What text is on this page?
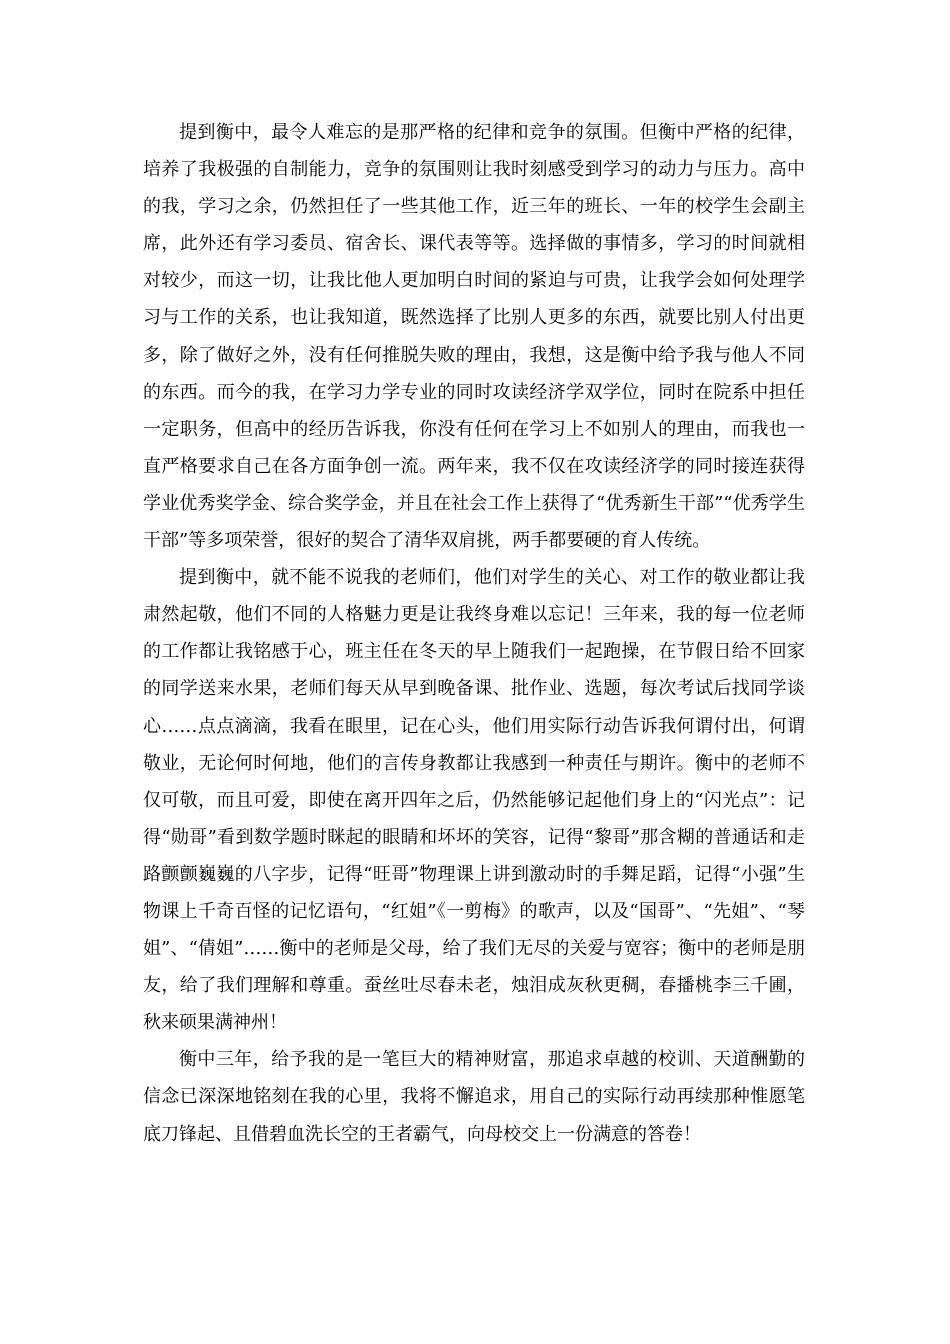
提到衡中，最令人难忘的是那严格的纪律和竞争的氛围。但衡中严格的纪律，培养了我极强的自制能力，竞争的氛围则让我时刻感受到学习的动力与压力。高中的我，学习之余，仍然担任了一些其他工作，近三年的班长、一年的校学生会副主席，此外还有学习委员、宿舍长、课代表等等。选择做的事情多，学习的时间就相对较少，而这一切，让我比他人更加明白时间的紧迫与可贵，让我学会如何处理学习与工作的关系，也让我知道，既然选择了比别人更多的东西，就要比别人付出更多，除了做好之外，没有任何推脱失败的理由，我想，这是衡中给予我与他人不同的东西。而今的我，在学习力学专业的同时攻读经济学双学位，同时在院系中担任一定职务，但高中的经历告诉我，你没有任何在学习上不如别人的理由，而我也一直严格要求自己在各方面争创一流。两年来，我不仅在攻读经济学的同时接连获得学业优秀奖学金、综合奖学金，并且在社会工作上获得了“优秀新生干部”“优秀学生干部”等多项荣誉，很好的契合了清华双肩挑，两手都要硬的育人传统。

提到衡中，就不能不说我的老师们，他们对学生的关心、对工作的敬业都让我肃然起敬，他们不同的人格魅力更是让我终身难以忘记！三年来，我的每一位老师的工作都让我铭感于心，班主任在冬天的早上随我们一起跑操，在节假日给不回家的同学送来水果，老师们每天从早到晚备课、批作业、选题，每次考试后找同学谈心……点点滴滴，我看在眼里，记在心头，他们用实际行动告诉我何谓付出，何谓敬业，无论何时何地，他们的言传身教都让我感到一种责任与期许。衡中的老师不仅可敬，而且可爱，即使在离开四年之后，仍然能够记起他们身上的“闪光点”：记得“勋哥”看到数学题时眯起的眼睛和坏坏的笑容，记得“黎哥”那含糊的普通话和走路颤颤巍巍的八字步，记得“旺哥”物理课上讲到激动时的手舞足蹈，记得“小强”生物课上千奇百怪的记忆语句，“红姐”《一剪梅》的歌声，以及“国哥”、“先姐”、“琴姐”、“倩姐”……衡中的老师是父母，给了我们无尽的关爱与宽容；衡中的老师是朋友，给了我们理解和尊重。蚕丝吐尽春未老，烛泪成灰秋更稠，春播桃李三千圃，秋来硕果满神州！

衡中三年，给予我的是一笔巨大的精神财富，那追求卓越的校训、天道酬勤的信念已深深地铭刻在我的心里，我将不懈追求，用自己的实际行动再续那种惟愿笔底刀锋起、且借碧血洗长空的王者霸气，向母校交上一份满意的答卷！
